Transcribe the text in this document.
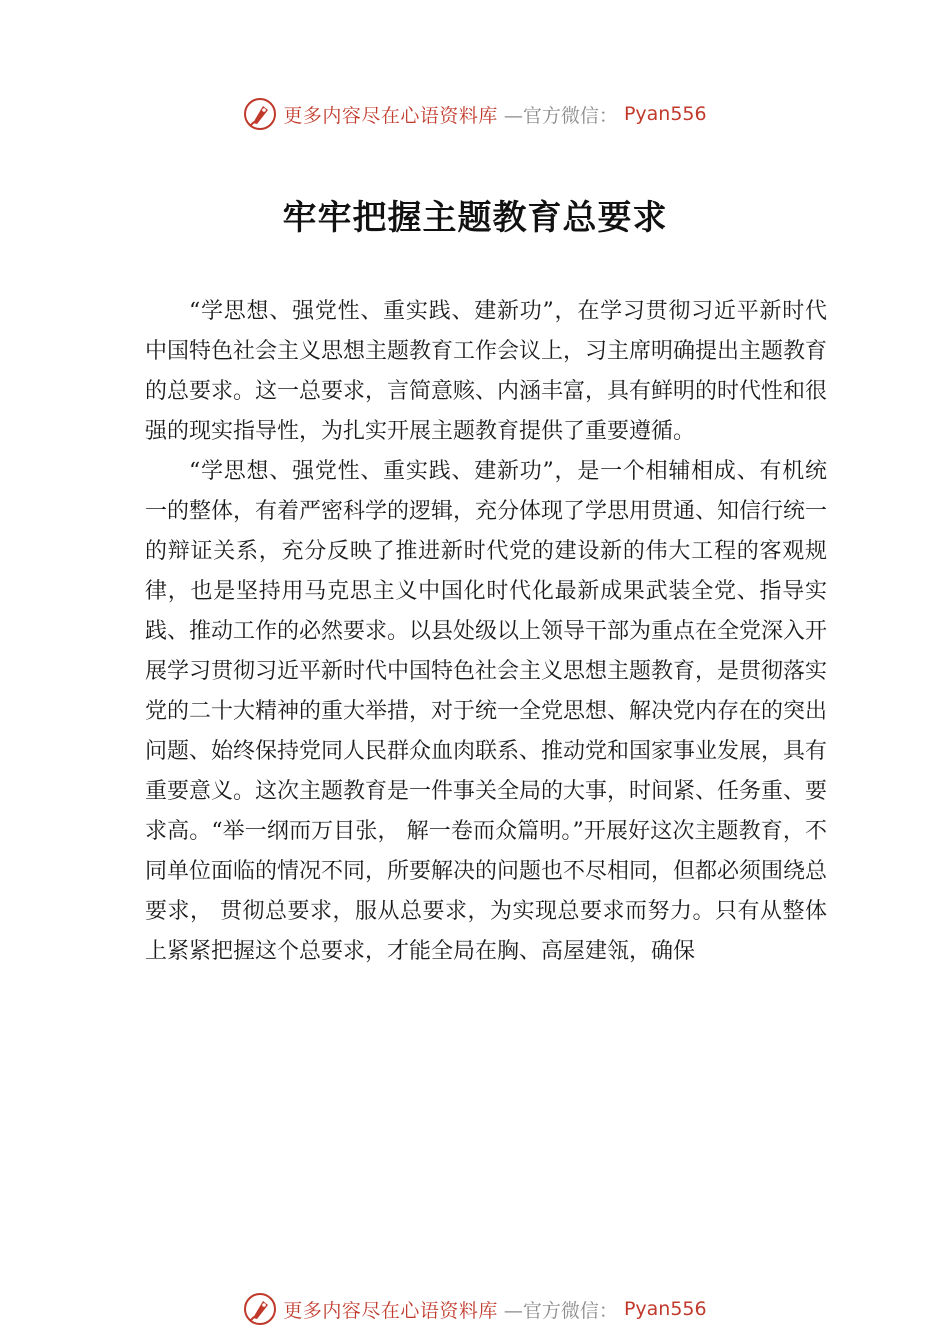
更多内容尽在心语资料库 —官方微信： Pyan556
牢牢把握主题教育总要求

“学思想、强党性、重实践、建新功”，在学习贯彻习近平新时代中国特色社会主义思想主题教育工作会议上，习主席明确提出主题教育的总要求。这一总要求，言简意赅、内涵丰富，具有鲜明的时代性和很强的现实指导性，为扎实开展主题教育提供了重要遵循。

“学思想、强党性、重实践、建新功”，是一个相辅相成、有机统一的整体，有着严密科学的逻辑，充分体现了学思用贯通、知信行统一的辩证关系，充分反映了推进新时代党的建设新的伟大工程的客观规律，也是坚持用马克思主义中国化时代化最新成果武装全党、指导实践、推动工作的必然要求。以县处级以上领导干部为重点在全党深入开展学习贯彻习近平新时代中国特色社会主义思想主题教育，是贯彻落实党的二十大精神的重大举措，对于统一全党思想、解决党内存在的突出问题、始终保持党同人民群众血肉联系、推动党和国家事业发展，具有重要意义。这次主题教育是一件事关全局的大事，时间紧、任务重、要求高。“举一纲而万目张， 解一卷而众篇明。”开展好这次主题教育，不同单位面临的情况不同，所要解决的问题也不尽相同，但都必须围绕总要求， 贯彻总要求，服从总要求，为实现总要求而努力。只有从整体上紧紧把握这个总要求，才能全局在胸、高屋建瓴，确保

更多内容尽在心语资料库 —官方微信： Pyan556
